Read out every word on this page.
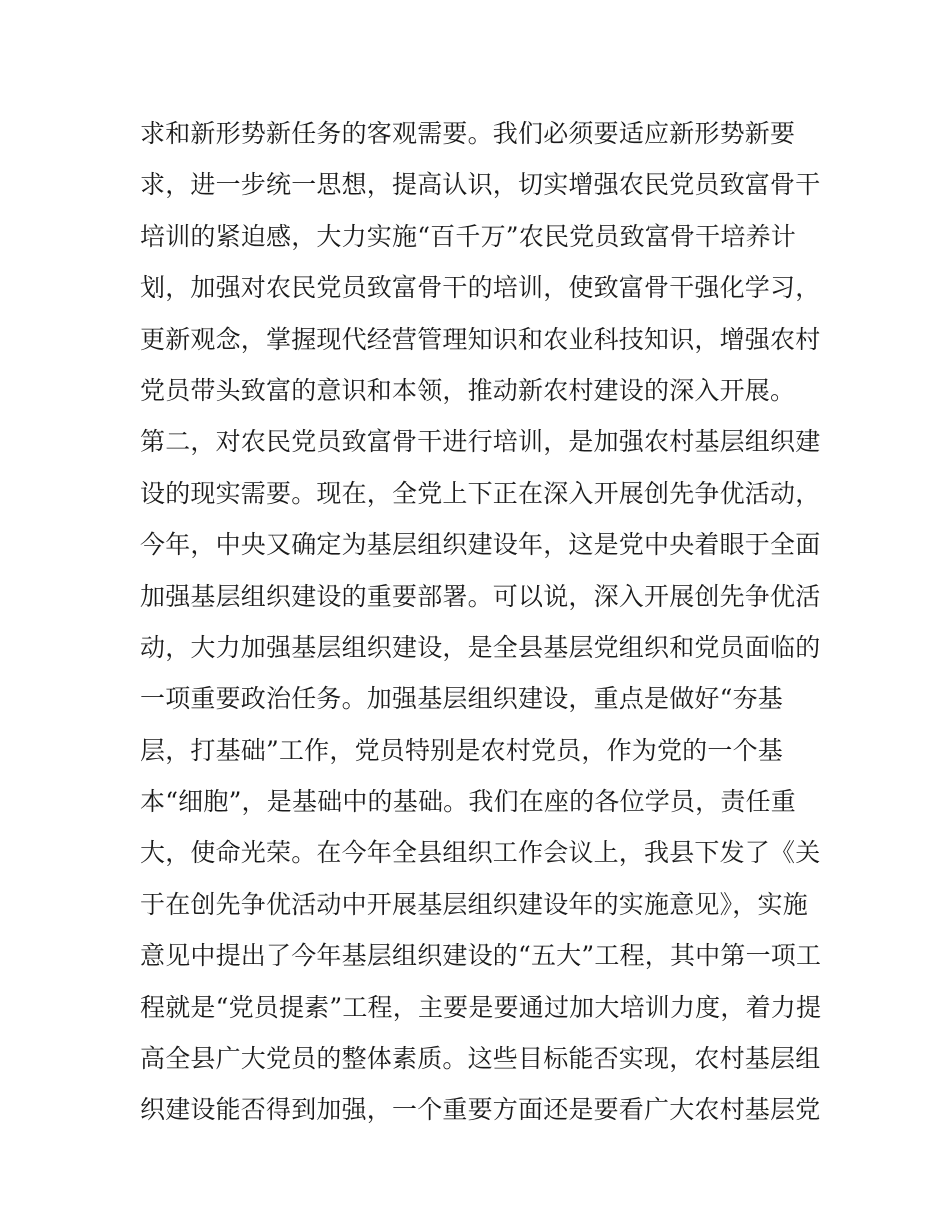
求和新形势新任务的客观需要。我们必须要适应新形势新要
求，进一步统一思想，提高认识，切实增强农民党员致富骨干
培训的紧迫感，大力实施“百千万”农民党员致富骨干培养计
划，加强对农民党员致富骨干的培训，使致富骨干强化学习，
更新观念，掌握现代经营管理知识和农业科技知识，增强农村
党员带头致富的意识和本领，推动新农村建设的深入开展。
第二，对农民党员致富骨干进行培训，是加强农村基层组织建
设的现实需要。现在，全党上下正在深入开展创先争优活动，
今年，中央又确定为基层组织建设年，这是党中央着眼于全面
加强基层组织建设的重要部署。可以说，深入开展创先争优活
动，大力加强基层组织建设，是全县基层党组织和党员面临的
一项重要政治任务。加强基层组织建设，重点是做好“夯基
层，打基础”工作，党员特别是农村党员，作为党的一个基
本“细胞”，是基础中的基础。我们在座的各位学员，责任重
大，使命光荣。在今年全县组织工作会议上，我县下发了《关
于在创先争优活动中开展基层组织建设年的实施意见》，实施
意见中提出了今年基层组织建设的“五大”工程，其中第一项工
程就是“党员提素”工程，主要是要通过加大培训力度，着力提
高全县广大党员的整体素质。这些目标能否实现，农村基层组
织建设能否得到加强，一个重要方面还是要看广大农村基层党
